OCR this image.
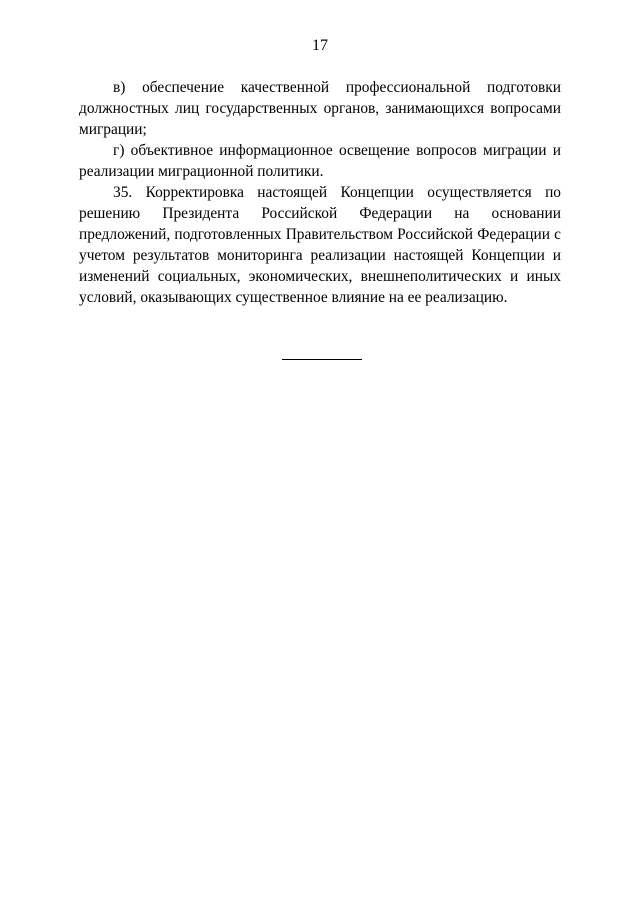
17

в) обеспечение качественной профессиональной подготовки должностных лиц государственных органов, занимающихся вопросами миграции;

г) объективное информационное освещение вопросов миграции и реализации миграционной политики.

35. Корректировка настоящей Концепции осуществляется по решению Президента Российской Федерации на основании предложений, подготовленных Правительством Российской Федерации с учетом результатов мониторинга реализации настоящей Концепции и изменений социальных, экономических, внешнеполитических и иных условий, оказывающих существенное влияние на ее реализацию.
